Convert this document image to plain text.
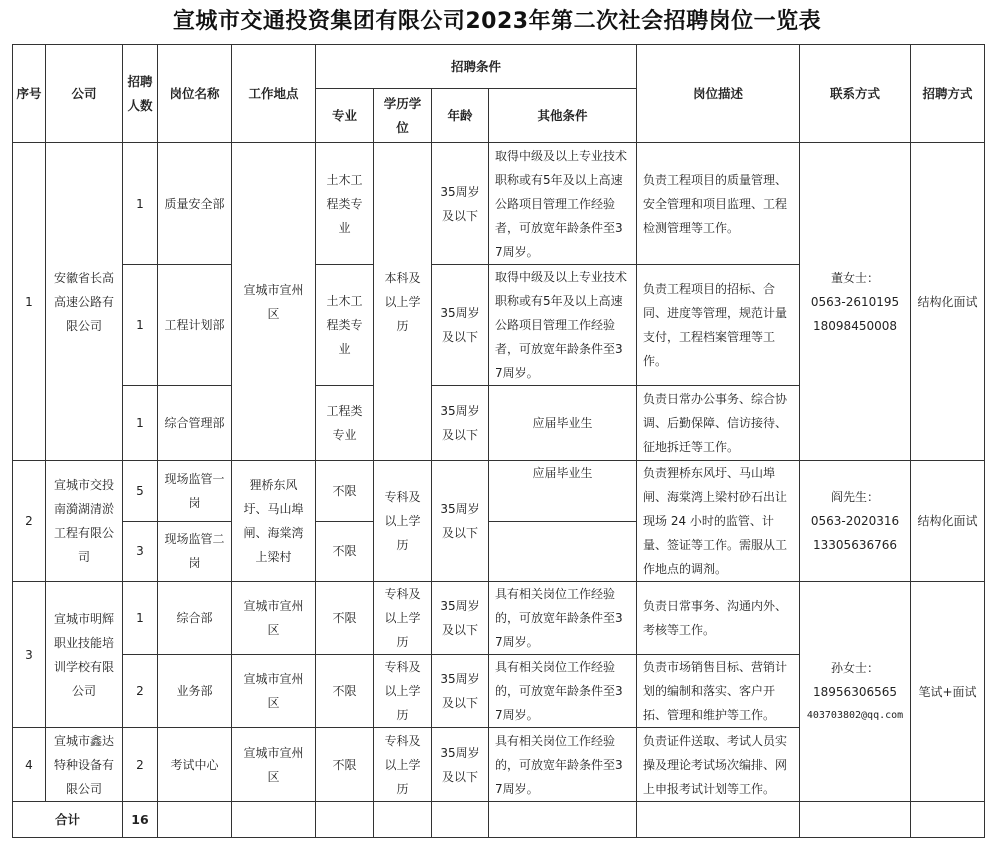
宣城市交通投资集团有限公司2023年第二次社会招聘岗位一览表
序号	公司	招聘人数	岗位名称	工作地点	招聘条件				岗位描述	联系方式	招聘方式
					专业	学历学位	年龄	其他条件			
1	安徽省长高高速公路有限公司	1	质量安全部	宣城市宣州区	土木工程类专业	本科及以上学历	35周岁及以下	取得中级及以上专业技术职称或有5年及以上高速公路项目管理工作经验者，可放宽年龄条件至37周岁。	负责工程项目的质量管理、安全管理和项目监理、工程检测管理等工作。	董女士：
0563-2610195
18098450008	结构化面试
		1	工程计划部		土木工程类专业		35周岁及以下	取得中级及以上专业技术职称或有5年及以上高速公路项目管理工作经验者，可放宽年龄条件至37周岁。	负责工程项目的招标、合同、进度等管理，规范计量支付，工程档案管理等工作。		
		1	综合管理部		工程类专业		35周岁及以下	应届毕业生	负责日常办公事务、综合协调、后勤保障、信访接待、征地拆迁等工作。		
2	宣城市交投南漪湖清淤工程有限公司	5	现场监管一岗	狸桥东风圩、马山埠闸、海棠湾上梁村	不限	专科及以上学历	35周岁及以下	应届毕业生	负责狸桥东风圩、马山埠闸、海棠湾上梁村砂石出让现场 24 小时的监管、计量、签证等工作。需服从工作地点的调剂。	阎先生：
0563-2020316
13305636766	结构化面试
		3	现场监管二岗		不限						
3	宣城市明辉职业技能培训学校有限公司	1	综合部	宣城市宣州区	不限	专科及以上学历	35周岁及以下	具有相关岗位工作经验的，可放宽年龄条件至37周岁。	负责日常事务、沟通内外、考核等工作。	孙女士：
18956306565
403703802@qq.com	笔试+面试
		2	业务部	宣城市宣州区	不限	专科及以上学历	35周岁及以下	具有相关岗位工作经验的，可放宽年龄条件至37周岁。	负责市场销售目标、营销计划的编制和落实、客户开拓、管理和维护等工作。		
4	宣城市鑫达特种设备有限公司	2	考试中心	宣城市宣州区	不限	专科及以上学历	35周岁及以下	具有相关岗位工作经验的，可放宽年龄条件至37周岁。	负责证件送取、考试人员实操及理论考试场次编排、网上申报考试计划等工作。		
合计		16									
